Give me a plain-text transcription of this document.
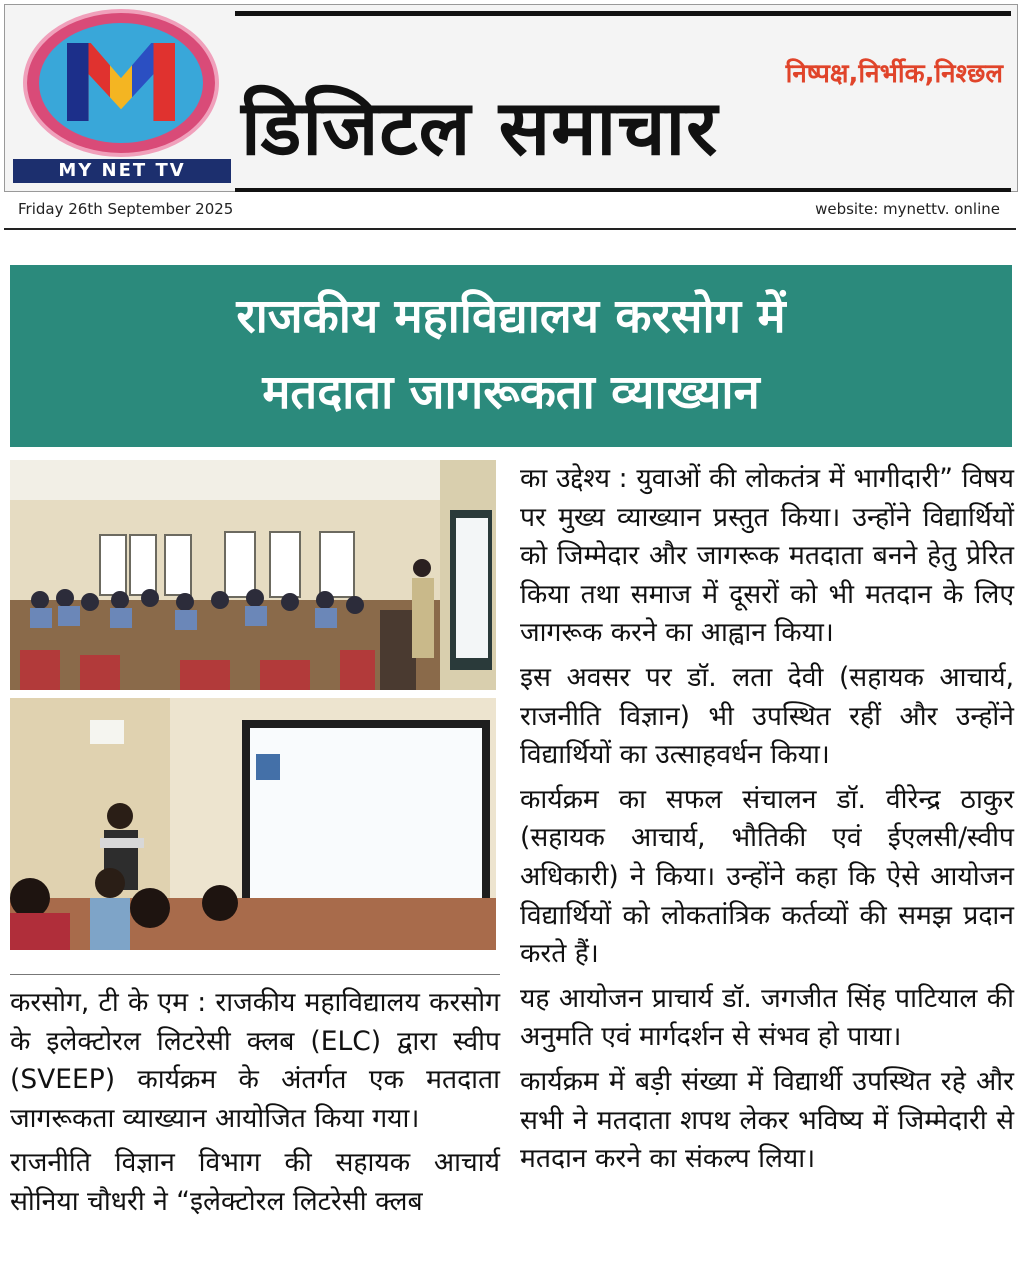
MY NET TV
निष्पक्ष,निर्भीक,निश्छल
डिजिटल समाचार
Friday 26th September 2025	website: mynettv. online
राजकीय महाविद्यालय करसोग में
मतदाता जागरूकता व्याख्यान

करसोग, टी के एम : राजकीय महाविद्यालय करसोग के इलेक्टोरल लिटरेसी क्लब (ELC) द्वारा स्वीप (SVEEP) कार्यक्रम के अंतर्गत एक मतदाता जागरूकता व्याख्यान आयोजित किया गया।

राजनीति विज्ञान विभाग की सहायक आचार्य सोनिया चौधरी ने “इलेक्टोरल लिटरेसी क्लब

का उद्देश्य : युवाओं की लोकतंत्र में भागीदारी” विषय पर मुख्य व्याख्यान प्रस्तुत किया। उन्होंने विद्यार्थियों को जिम्मेदार और जागरूक मतदाता बनने हेतु प्रेरित किया तथा समाज में दूसरों को भी मतदान के लिए जागरूक करने का आह्वान किया।

इस अवसर पर डॉ. लता देवी (सहायक आचार्य, राजनीति विज्ञान) भी उपस्थित रहीं और उन्होंने विद्यार्थियों का उत्साहवर्धन किया।

कार्यक्रम का सफल संचालन डॉ. वीरेन्द्र ठाकुर (सहायक आचार्य, भौतिकी एवं ईएलसी/स्वीप अधिकारी) ने किया। उन्होंने कहा कि ऐसे आयोजन विद्यार्थियों को लोकतांत्रिक कर्तव्यों की समझ प्रदान करते हैं।

यह आयोजन प्राचार्य डॉ. जगजीत सिंह पाटियाल की अनुमति एवं मार्गदर्शन से संभव हो पाया।

कार्यक्रम में बड़ी संख्या में विद्यार्थी उपस्थित रहे और सभी ने मतदाता शपथ लेकर भविष्य में जिम्मेदारी से मतदान करने का संकल्प लिया।
